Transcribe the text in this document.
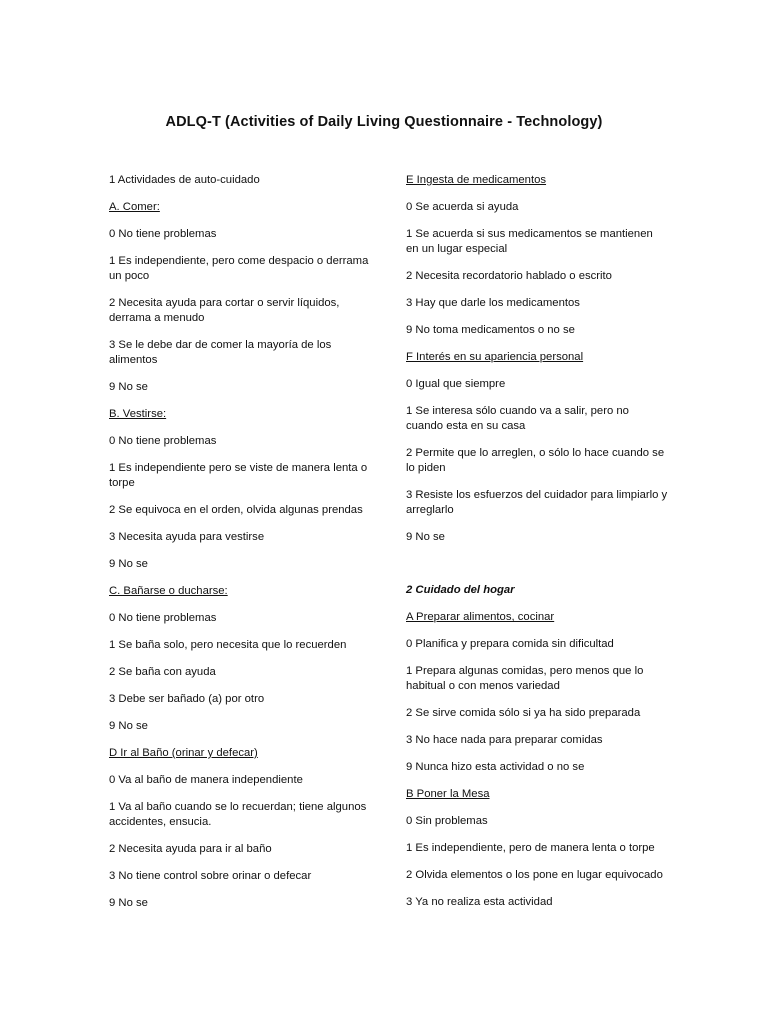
ADLQ-T (Activities of Daily Living Questionnaire - Technology)
1 Actividades de auto-cuidado
A. Comer:
0 No tiene problemas
1 Es independiente, pero come despacio o derrama un poco
2 Necesita ayuda para cortar o servir líquidos, derrama a menudo
3 Se le debe dar de comer la mayoría de los alimentos
9 No se
B. Vestirse:
0 No tiene problemas
1 Es independiente pero se viste de manera lenta o torpe
2 Se equivoca en el orden, olvida algunas prendas
3 Necesita ayuda para vestirse
9 No se
C. Bañarse o ducharse:
0 No tiene problemas
1 Se baña solo, pero necesita que lo recuerden
2 Se baña con ayuda
3 Debe ser bañado (a) por otro
9 No se
D Ir al Baño (orinar y defecar)
0 Va al baño de manera independiente
1 Va al baño cuando se lo recuerdan; tiene algunos accidentes, ensucia.
2 Necesita ayuda para ir al baño
3 No tiene control sobre orinar o defecar
9 No se
E Ingesta de medicamentos
0 Se acuerda si ayuda
1 Se acuerda si sus medicamentos se mantienen en un lugar especial
2 Necesita recordatorio hablado o escrito
3 Hay que darle los medicamentos
9 No toma medicamentos o no se
F Interés en su apariencia personal
0 Igual que siempre
1 Se interesa sólo cuando va a salir, pero no cuando esta en su casa
2 Permite que lo arreglen, o sólo lo hace cuando se lo piden
3 Resiste los esfuerzos del cuidador para limpiarlo y arreglarlo
9 No se
2 Cuidado del hogar
A Preparar alimentos, cocinar
0 Planifica y prepara comida sin dificultad
1 Prepara algunas comidas, pero menos que lo habitual o con menos variedad
2 Se sirve comida sólo si ya ha sido preparada
3 No hace nada para preparar comidas
9 Nunca hizo esta actividad o no se
B Poner la Mesa
0 Sin problemas
1 Es independiente, pero de manera lenta o torpe
2 Olvida elementos o los pone en lugar equivocado
3 Ya no realiza esta actividad
